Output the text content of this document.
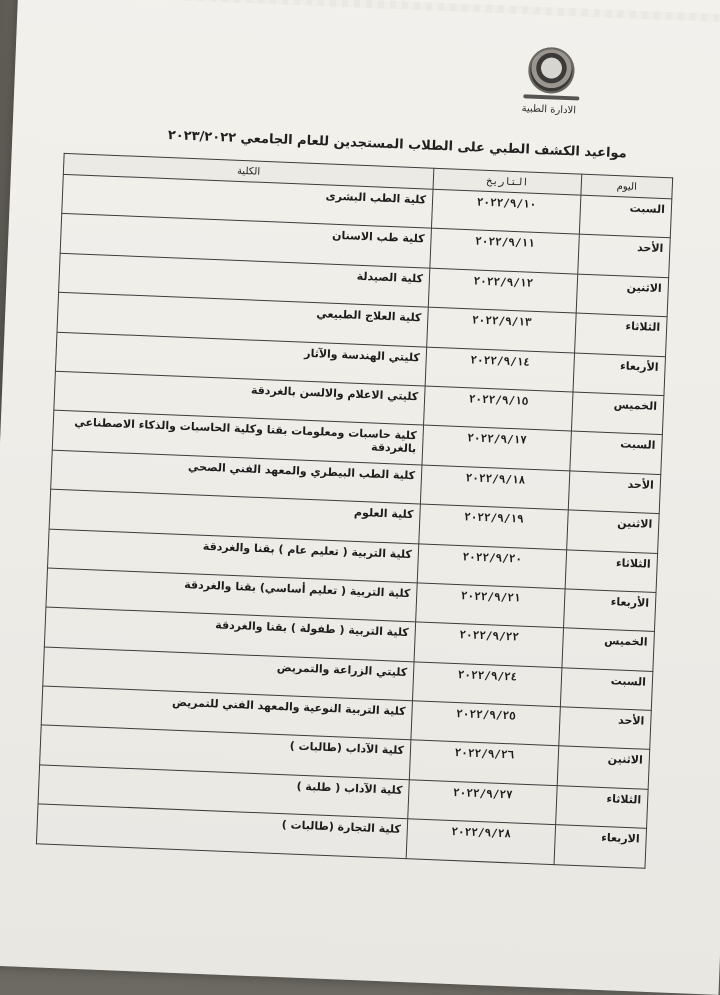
الادارة الطبية
مواعيد الكشف الطبي على الطلاب المستجدين للعام الجامعي ٢٠٢٣/٢٠٢٢
اليوم	التاريخ	الكلية
السبت	٢٠٢٢/٩/١٠	كلية الطب البشرى
الأحد	٢٠٢٢/٩/١١	كلية طب الاسنان
الاثنين	٢٠٢٢/٩/١٢	كلية الصيدلة
الثلاثاء	٢٠٢٢/٩/١٣	كلية العلاج الطبيعي
الأربعاء	٢٠٢٢/٩/١٤	كليتي الهندسة والآثار
الخميس	٢٠٢٢/٩/١٥	كليتي الاعلام والالسن بالغردقة
السبت	٢٠٢٢/٩/١٧	كلية حاسبات ومعلومات بقنا وكلية الحاسبات والذكاء الاصطناعي بالغردقة
الأحد	٢٠٢٢/٩/١٨	كلية الطب البيطري والمعهد الفني الصحي
الاثنين	٢٠٢٢/٩/١٩	كلية العلوم
الثلاثاء	٢٠٢٢/٩/٢٠	كلية التربية ( تعليم عام ) بقنا والغردقة
الأربعاء	٢٠٢٢/٩/٢١	كلية التربية ( تعليم أساسي) بقنا والغردقة
الخميس	٢٠٢٢/٩/٢٢	كلية التربية ( طفولة ) بقنا والغردقة
السبت	٢٠٢٢/٩/٢٤	كليتي الزراعة والتمريض
الأحد	٢٠٢٢/٩/٢٥	كلية التربية النوعية والمعهد الفني للتمريض
الاثنين	٢٠٢٢/٩/٢٦	كلية الآداب (طالبات )
الثلاثاء	٢٠٢٢/٩/٢٧	كلية الآداب ( طلبة )
الاربعاء	٢٠٢٢/٩/٢٨	كلية التجارة (طالبات )
